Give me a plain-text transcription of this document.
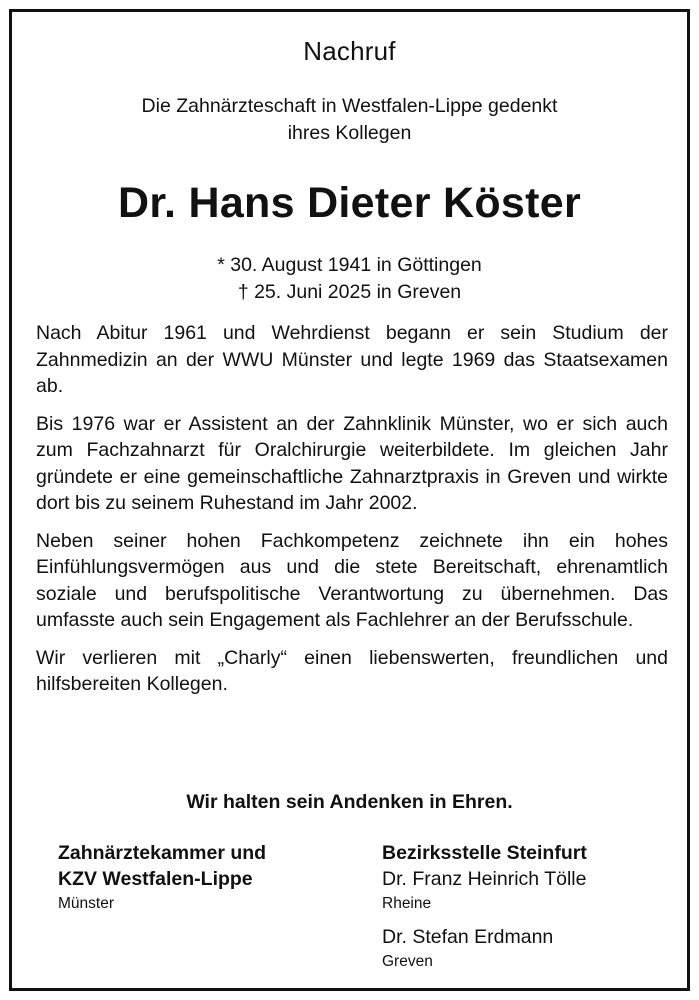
Nachruf
Die Zahnärzteschaft in Westfalen-Lippe gedenkt
ihres Kollegen
Dr. Hans Dieter Köster
* 30. August 1941 in Göttingen
† 25. Juni 2025 in Greven

Nach Abitur 1961 und Wehrdienst begann er sein Studium der Zahnmedizin an der WWU Münster und legte 1969 das Staatsexamen ab.

Bis 1976 war er Assistent an der Zahnklinik Münster, wo er sich auch zum Fachzahnarzt für Oralchirurgie weiterbildete. Im gleichen Jahr gründete er eine gemeinschaftliche Zahnarztpraxis in Greven und wirkte dort bis zu seinem Ruhestand im Jahr 2002.

Neben seiner hohen Fachkompetenz zeichnete ihn ein hohes Einfühlungsvermögen aus und die stete Bereitschaft, ehrenamtlich soziale und berufspolitische Verantwortung zu übernehmen. Das umfasste auch sein Engagement als Fachlehrer an der Berufsschule.

Wir verlieren mit „Charly“ einen liebenswerten, freundlichen und hilfsbereiten Kollegen.

Wir halten sein Andenken in Ehren.
Zahnärztekammer und
KZV Westfalen-Lippe
Münster
Bezirksstelle Steinfurt
Dr. Franz Heinrich Tölle
Rheine
Dr. Stefan Erdmann
Greven
